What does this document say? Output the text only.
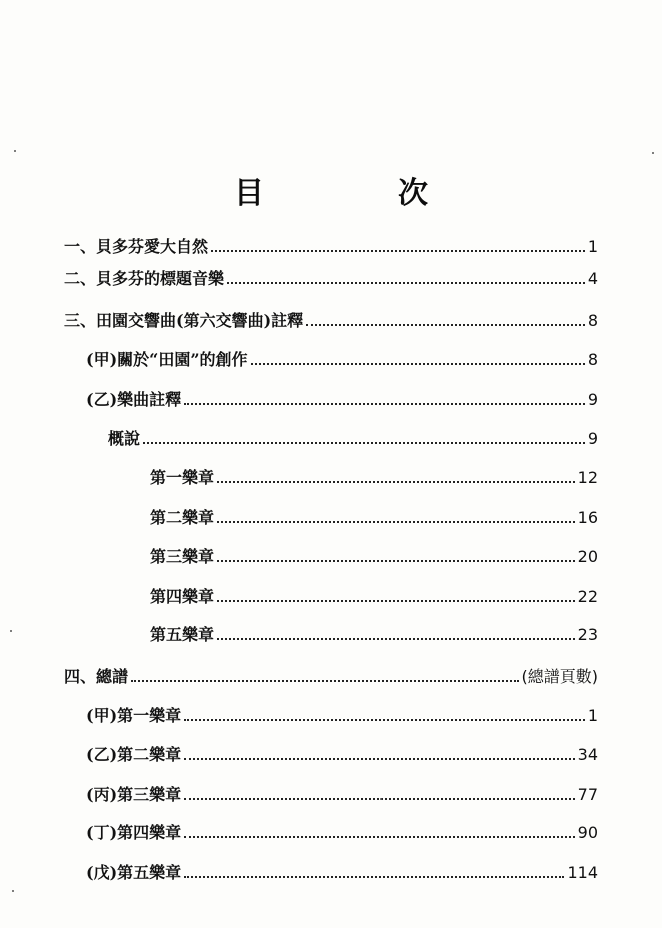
目　次
一、貝多芬愛大自然	1
二、貝多芬的標題音樂	4
三、田園交響曲(第六交響曲)註釋	8
(甲)關於“田園”的創作	8
(乙)樂曲註釋	9
概說	9
第一樂章	12
第二樂章	16
第三樂章	20
第四樂章	22
第五樂章	23
四、總譜	(總譜頁數)
(甲)第一樂章	1
(乙)第二樂章	34
(丙)第三樂章	77
(丁)第四樂章	90
(戊)第五樂章	114
